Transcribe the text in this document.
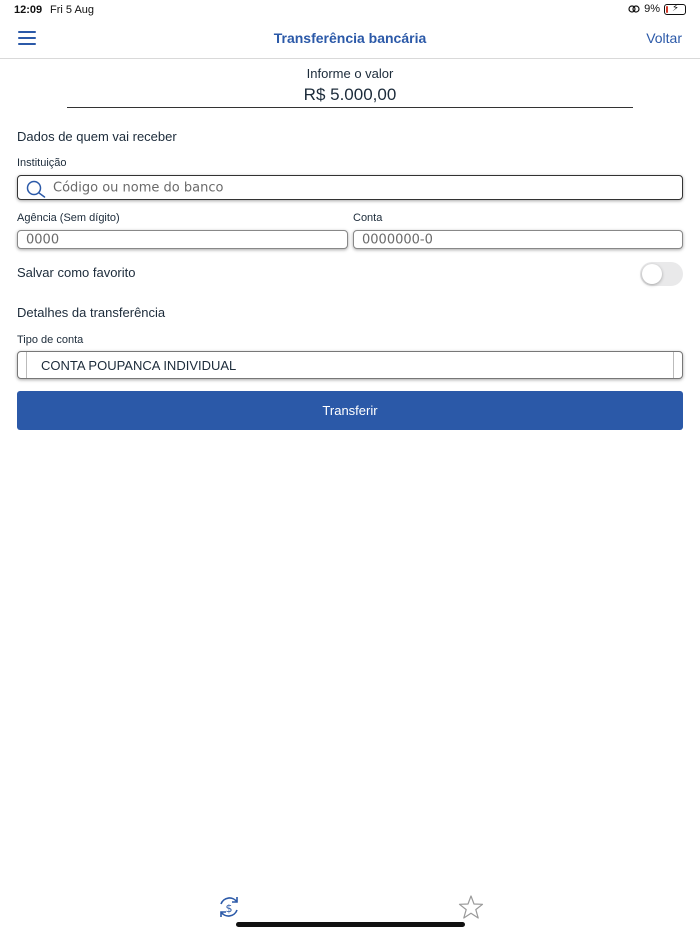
12:09 Fri 5 Aug	9% ⚡
Transferência bancária	Voltar
Informe o valor
R$ 5.000,00
Dados de quem vai receber
Instituição
Código ou nome do banco
Agência (Sem dígito)
0000
Conta
0000000-0
Salvar como favorito
Detalhes da transferência
Tipo de conta
CONTA POUPANCA INDIVIDUAL
Transferir
$
